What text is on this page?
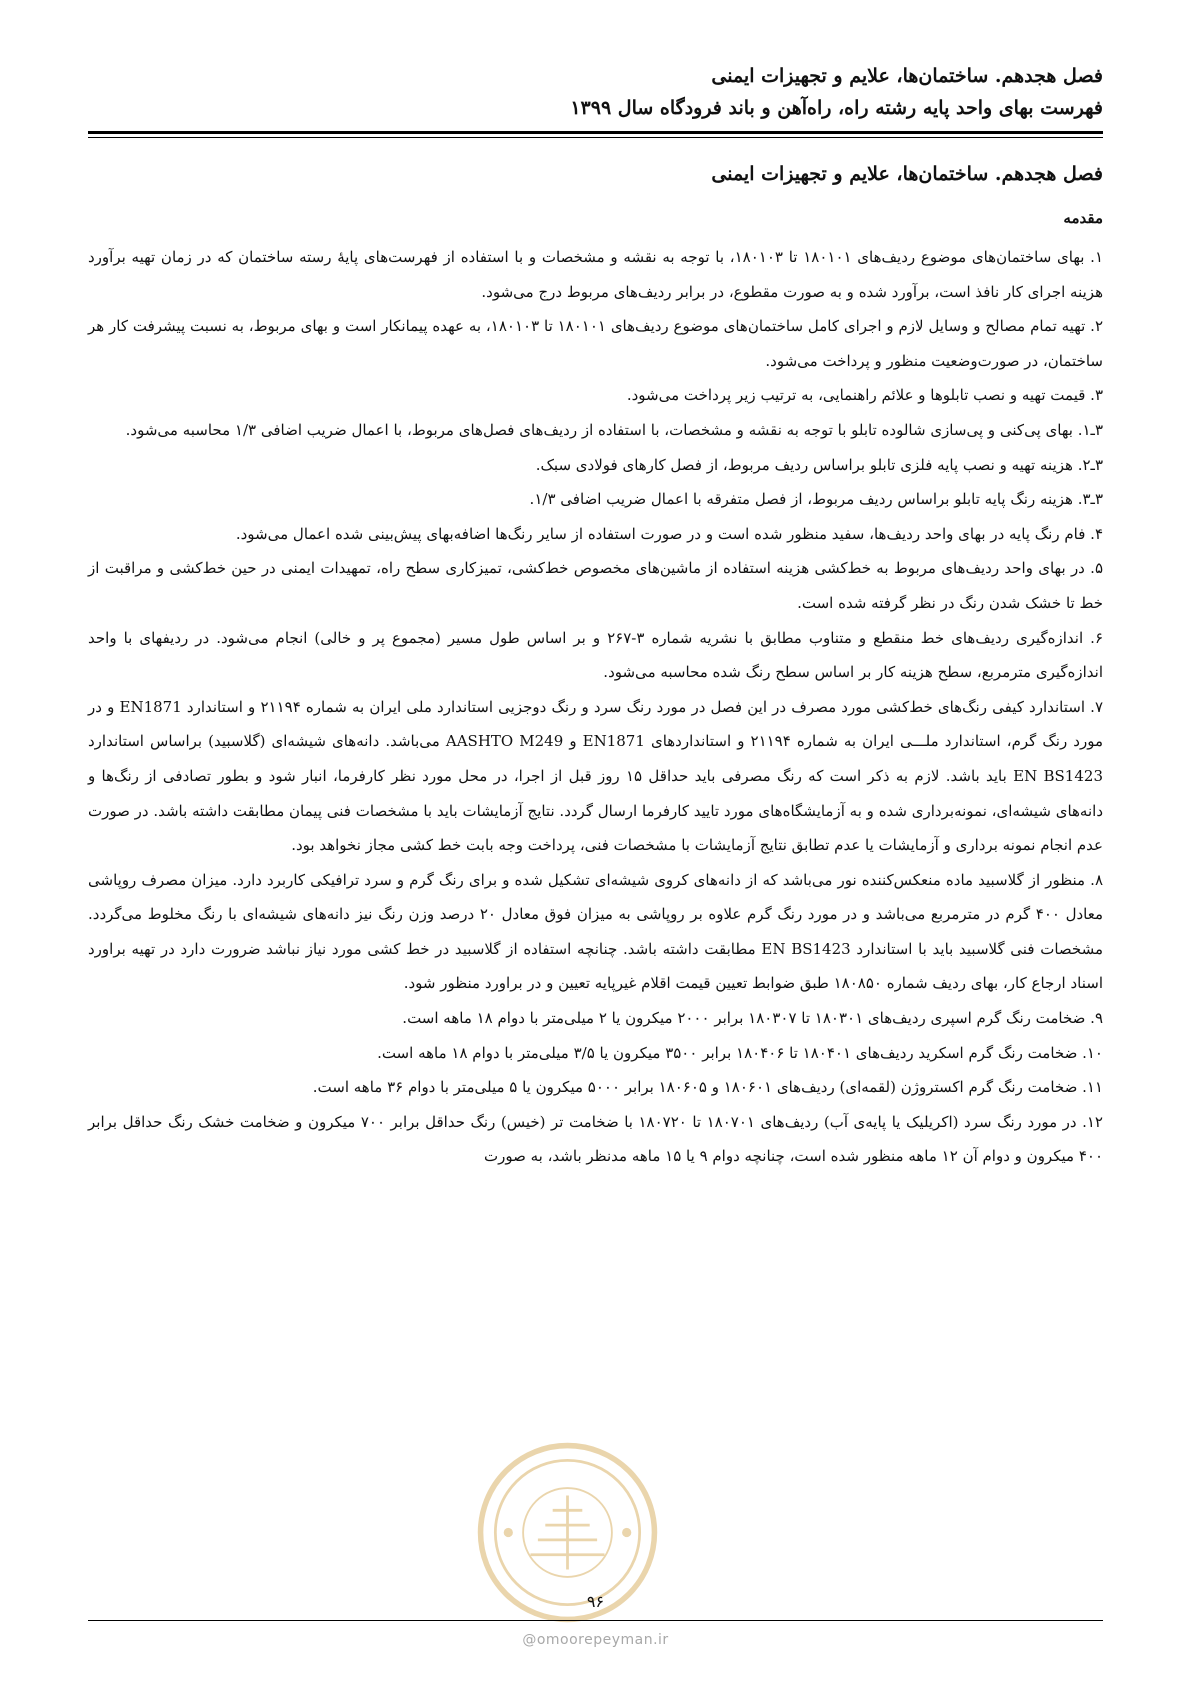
فصل هجدهم. ساختمان‌ها، علایم و تجهیزات ایمنی
فهرست بهای واحد پایه رشته راه، راه‌آهن و باند فرودگاه سال ۱۳۹۹
فصل هجدهم. ساختمان‌ها، علایم و تجهیزات ایمنی
مقدمه

۱. بهای ساختمان‌های موضوع ردیف‌های ۱۸۰۱۰۱ تا ۱۸۰۱۰۳، با توجه به نقشه و مشخصات و با استفاده از فهرست‌های پایهٔ رسته ساختمان که در زمان تهیه برآورد هزینه اجرای کار نافذ است، برآورد شده و به صورت مقطوع، در برابر ردیف‌های مربوط درج می‌شود.

۲. تهیه تمام مصالح و وسایل لازم و اجرای کامل ساختمان‌های موضوع ردیف‌های ۱۸۰۱۰۱ تا ۱۸۰۱۰۳، به عهده پیمانکار است و بهای مربوط، به نسبت پیشرفت کار هر ساختمان، در صورت‌وضعیت منظور و پرداخت می‌شود.

۳. قیمت تهیه و نصب تابلوها و علائم راهنمایی، به ترتیب زیر پرداخت می‌شود.

۳ـ۱. بهای پی‌کنی و پی‌سازی شالوده تابلو با توجه به نقشه و مشخصات، با استفاده از ردیف‌های فصل‌های مربوط، با اعمال ضریب اضافی ۱/۳ محاسبه می‌شود.

۳ـ۲. هزینه تهیه و نصب پایه فلزی تابلو براساس ردیف مربوط، از فصل کارهای فولادی سبک.

۳ـ۳. هزینه رنگ پایه تابلو براساس ردیف مربوط، از فصل متفرقه با اعمال ضریب اضافی ۱/۳.

۴. فام رنگ پایه در بهای واحد ردیف‌ها، سفید منظور شده است و در صورت استفاده از سایر رنگ‌ها اضافه‌بهای پیش‌بینی شده اعمال می‌شود.

۵. در بهای واحد ردیف‌های مربوط به خط‌کشی هزینه استفاده از ماشین‌های مخصوص خط‌کشی، تمیزکاری سطح راه، تمهیدات ایمنی در حین خط‌کشی و مراقبت از خط تا خشک شدن رنگ در نظر گرفته شده است.

۶. اندازه‌گیری ردیف‌های خط منقطع و متناوب مطابق با نشریه شماره ۳-۲۶۷ و بر اساس طول مسیر (مجموع پر و خالی) انجام می‌شود. در ردیفهای با واحد اندازه‌گیری مترمربع، سطح هزینه کار بر اساس سطح رنگ شده محاسبه می‌شود.

۷. استاندارد کیفی رنگ‌های خط‌کشی مورد مصرف در این فصل در مورد رنگ سرد و رنگ دوجزیی استاندارد ملی ایران به شماره ۲۱۱۹۴ و استاندارد EN1871 و در مورد رنگ گرم، استاندارد ملـــی ایران به شماره ۲۱۱۹۴ و استانداردهای EN1871 و AASHTO M249 می‌باشد. دانه‌های شیشه‌ای (گلاسبید) براساس استاندارد EN BS1423 باید باشد. لازم به ذکر است که رنگ مصرفی باید حداقل ۱۵ روز قبل از اجرا، در محل مورد نظر کارفرما، انبار شود و بطور تصادفی از رنگ‌ها و دانه‌های شیشه‌ای، نمونه‌برداری شده و به آزمایشگاه‌های مورد تایید کارفرما ارسال گردد. نتایج آزمایشات باید با مشخصات فنی پیمان مطابقت داشته باشد. در صورت عدم انجام نمونه برداری و آزمایشات یا عدم تطابق نتایج آزمایشات با مشخصات فنی، پرداخت وجه بابت خط کشی مجاز نخواهد بود.

۸. منظور از گلاسبید ماده منعکس‌کننده نور می‌باشد که از دانه‌های کروی شیشه‌ای تشکیل شده و برای رنگ گرم و سرد ترافیکی کاربرد دارد. میزان مصرف روپاشی معادل ۴۰۰ گرم در مترمربع می‌باشد و در مورد رنگ گرم علاوه بر روپاشی به میزان فوق معادل ۲۰ درصد وزن رنگ نیز دانه‌های شیشه‌ای با رنگ مخلوط می‌گردد. مشخصات فنی گلاسبید باید با استاندارد EN BS1423 مطابقت داشته باشد. چنانچه استفاده از گلاسبید در خط کشی مورد نیاز نباشد ضرورت دارد در تهیه براورد اسناد ارجاع کار، بهای ردیف شماره ۱۸۰۸۵۰ طبق ضوابط تعیین قیمت اقلام غیرپایه تعیین و در براورد منظور شود.

۹. ضخامت رنگ گرم اسپری ردیف‌های ۱۸۰۳۰۱ تا ۱۸۰۳۰۷ برابر ۲۰۰۰ میکرون یا ۲ میلی‌متر با دوام ۱۸ ماهه است.

۱۰. ضخامت رنگ گرم اسکرید ردیف‌های ۱۸۰۴۰۱ تا ۱۸۰۴۰۶ برابر ۳۵۰۰ میکرون یا ۳/۵ میلی‌متر با دوام ۱۸ ماهه است.

۱۱. ضخامت رنگ گرم اکستروژن (لقمه‌ای) ردیف‌های ۱۸۰۶۰۱ و ۱۸۰۶۰۵ برابر ۵۰۰۰ میکرون یا ۵ میلی‌متر با دوام ۳۶ ماهه است.

۱۲. در مورد رنگ سرد (اکریلیک یا پایه‌ی آب) ردیف‌های ۱۸۰۷۰۱ تا ۱۸۰۷۲۰ با ضخامت تر (خیس) رنگ حداقل برابر ۷۰۰ میکرون و ضخامت خشک رنگ حداقل برابر ۴۰۰ میکرون و دوام آن ۱۲ ماهه منظور شده است، چنانچه دوام ۹ یا ۱۵ ماهه مدنظر باشد، به صورت

۹۶
@omoorepeyman.ir
